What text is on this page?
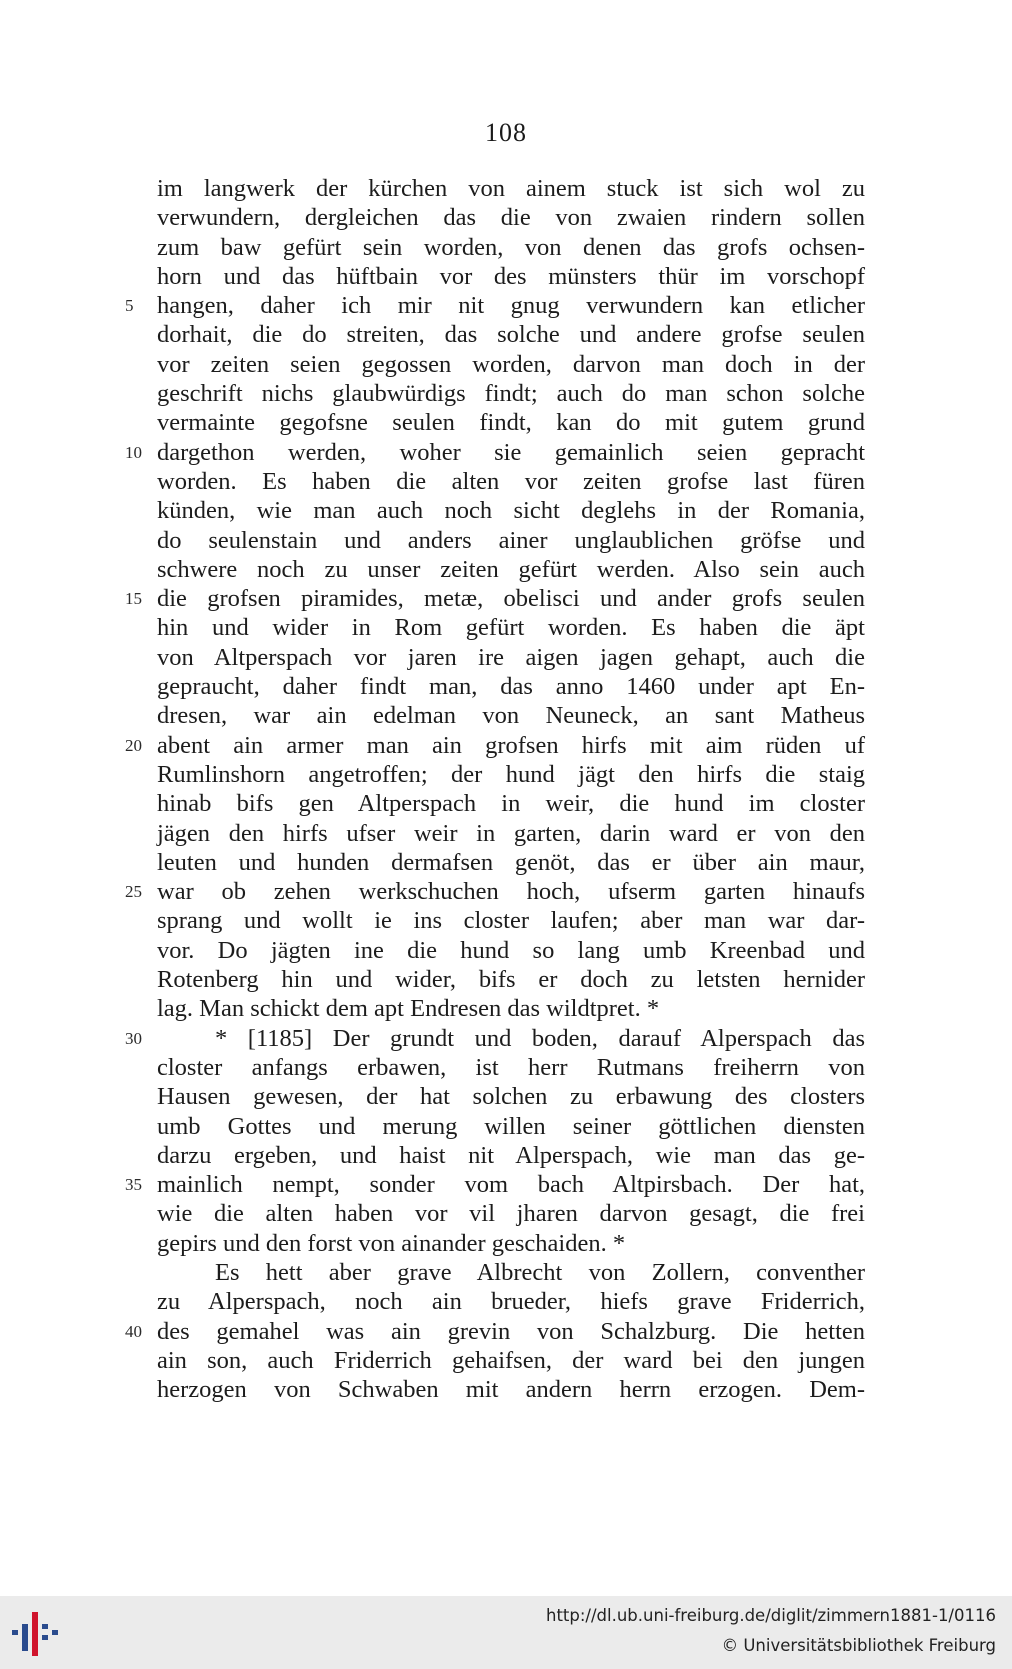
108
im langwerk der kürchen von ainem stuck ist sich wol zu
verwundern, dergleichen das die von zwaien rindern sollen
zum baw gefürt sein worden, von denen das grofs ochsen-
horn und das hüftbain vor des münsters thür im vorschopf
5 hangen, daher ich mir nit gnug verwundern kan etlicher
dorhait, die do streiten, das solche und andere grofse seulen
vor zeiten seien gegossen worden, darvon man doch in der
geschrift nichs glaubwürdigs findt; auch do man schon solche
vermainte gegofsne seulen findt, kan do mit gutem grund
10 dargethon werden, woher sie gemainlich seien gepracht
worden. Es haben die alten vor zeiten grofse last füren
künden, wie man auch noch sicht deglehs in der Romania,
do seulenstain und anders ainer unglaublichen gröfse und
schwere noch zu unser zeiten gefürt werden. Also sein auch
15 die grofsen piramides, metæ, obelisci und ander grofs seulen
hin und wider in Rom gefürt worden. Es haben die äpt
von Altperspach vor jaren ire aigen jagen gehapt, auch die
gepraucht, daher findt man, das anno 1460 under apt En-
dresen, war ain edelman von Neuneck, an sant Matheus
20 abent ain armer man ain grofsen hirfs mit aim rüden uf
Rumlinshorn angetroffen; der hund jägt den hirfs die staig
hinab bifs gen Altperspach in weir, die hund im closter
jägen den hirfs ufser weir in garten, darin ward er von den
leuten und hunden dermafsen genöt, das er über ain maur,
25 war ob zehen werkschuchen hoch, ufserm garten hinaufs
sprang und wollt ie ins closter laufen; aber man war dar-
vor. Do jägten ine die hund so lang umb Kreenbad und
Rotenberg hin und wider, bifs er doch zu letsten hernider
lag. Man schickt dem apt Endresen das wildtpret. *
30	* [1185] Der grundt und boden, darauf Alperspach das
closter anfangs erbawen, ist herr Rutmans freiherrn von
Hausen gewesen, der hat solchen zu erbawung des closters
umb Gottes und merung willen seiner göttlichen diensten
darzu ergeben, und haist nit Alperspach, wie man das ge-
35 mainlich nempt, sonder vom bach Altpirsbach. Der hat,
wie die alten haben vor vil jharen darvon gesagt, die frei
gepirs und den forst von ainander geschaiden. *
Es hett aber grave Albrecht von Zollern, conventher
zu Alperspach, noch ain brueder, hiefs grave Friderrich,
40 des gemahel was ain grevin von Schalzburg. Die hetten
ain son, auch Friderrich gehaifsen, der ward bei den jungen
herzogen von Schwaben mit andern herrn erzogen. Dem-
http://dl.ub.uni-freiburg.de/diglit/zimmern1881-1/0116
© Universitätsbibliothek Freiburg
